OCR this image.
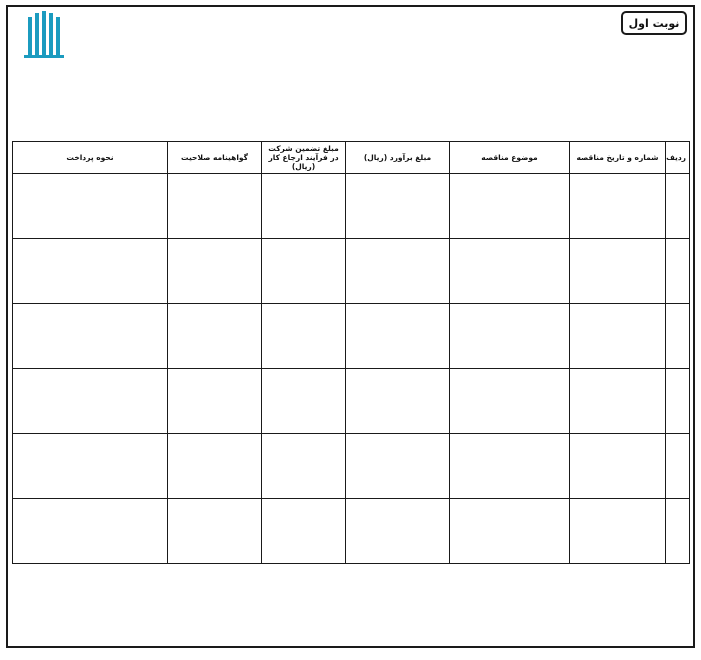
نوبت اول
ردیف	شماره و تاریخ مناقصه	موضوع مناقصه	مبلغ برآورد (ریال)	مبلغ تضمین شرکت در فرآیند ارجاع کار (ریال)	گواهینامه صلاحیت	نحوه پرداخت
